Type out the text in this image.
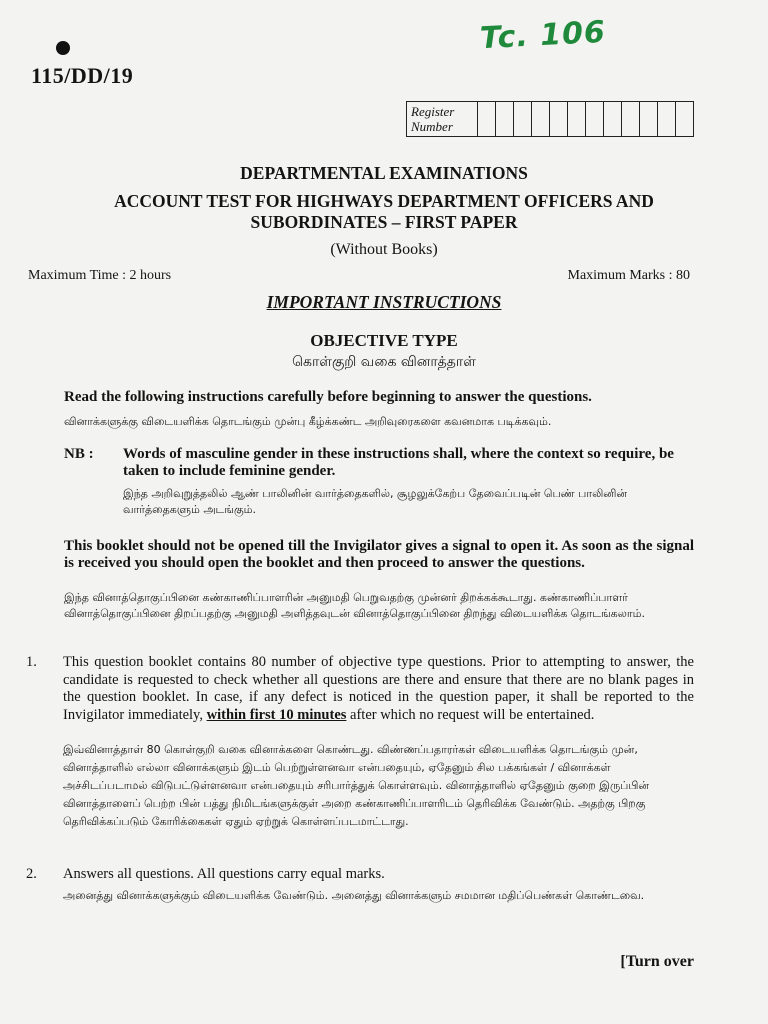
115/DD/19
Tc. 106
Register
Number
DEPARTMENTAL EXAMINATIONS
ACCOUNT TEST FOR HIGHWAYS DEPARTMENT OFFICERS AND
SUBORDINATES – FIRST PAPER
(Without Books)
Maximum Time : 2 hours	Maximum Marks : 80
IMPORTANT INSTRUCTIONS
OBJECTIVE TYPE
கொள்குறி வகை வினாத்தாள்
Read the following instructions carefully before beginning to answer the questions.
வினாக்களுக்கு விடையளிக்க தொடங்கும் முன்பு கீழ்க்கண்ட அறிவுரைகளை கவனமாக படிக்கவும்.
NB : Words of masculine gender in these instructions shall, where the context so require, be taken to include feminine gender.
இந்த அறிவுறுத்தலில் ஆண் பாலினின் வார்த்தைகளில், சூழலுக்கேற்ப தேவைப்படின் பெண் பாலினின் வார்த்தைகளும் அடங்கும்.
This booklet should not be opened till the Invigilator gives a signal to open it. As soon as the signal is received you should open the booklet and then proceed to answer the questions.
இந்த வினாத்தொகுப்பினை கண்காணிப்பாளரின் அனுமதி பெறுவதற்கு முன்னர் திறக்கக்கூடாது. கண்காணிப்பாளர் வினாத்தொகுப்பினை திறப்பதற்கு அனுமதி அளித்தவுடன் வினாத்தொகுப்பினை திறந்து விடையளிக்க தொடங்கலாம்.
1. This question booklet contains 80 number of objective type questions. Prior to attempting to answer, the candidate is requested to check whether all questions are there and ensure that there are no blank pages in the question booklet. In case, if any defect is noticed in the question paper, it shall be reported to the Invigilator immediately, within first 10 minutes after which no request will be entertained.
இவ்வினாத்தாள் 80 கொள்குறி வகை வினாக்களை கொண்டது. விண்ணப்பதாரர்கள் விடையளிக்க தொடங்கும் முன், வினாத்தாளில் எல்லா வினாக்களும் இடம் பெற்றுள்ளனவா என்பதையும், ஏதேனும் சில பக்கங்கள் / வினாக்கள் அச்சிடப்படாமல் விடுபட்டுள்ளனவா என்பதையும் சரிபார்த்துக் கொள்ளவும். வினாத்தாளில் ஏதேனும் குறை இருப்பின் வினாத்தாளைப் பெற்ற பின் பத்து நிமிடங்களுக்குள் அறை கண்காணிப்பாளரிடம் தெரிவிக்க வேண்டும். அதற்கு பிறகு தெரிவிக்கப்படும் கோரிக்கைகள் ஏதும் ஏற்றுக் கொள்ளப்படமாட்டாது.
2. Answers all questions. All questions carry equal marks.
அனைத்து வினாக்களுக்கும் விடையளிக்க வேண்டும். அனைத்து வினாக்களும் சமமான மதிப்பெண்கள் கொண்டவை.
[Turn over
